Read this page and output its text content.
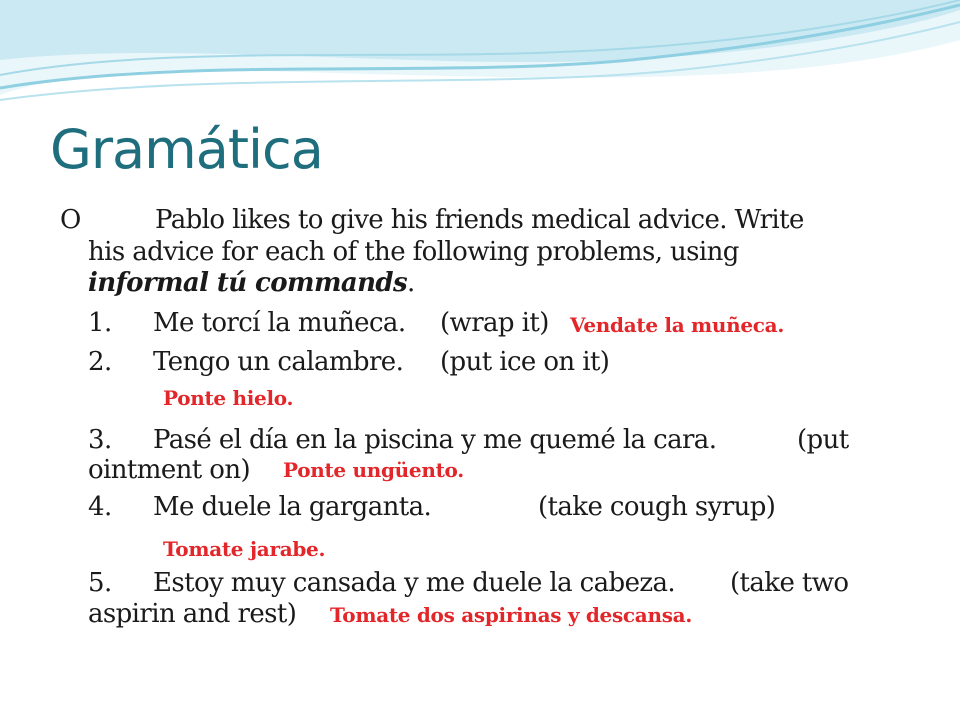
Gramática
O	Pablo likes to give his friends medical advice. Write
his advice for each of the following problems, using
informal tú commands.
1. Me torcí la muñeca. (wrap it) Vendate la muñeca.
2. Tengo un calambre. (put ice on it)
Ponte hielo.
3. Pasé el día en la piscina y me quemé la cara.	(put
ointment on) Ponte ungüento.
4. Me duele la garganta.	(take cough syrup)
Tomate jarabe.
5. Estoy muy cansada y me duele la cabeza. (take two
aspirin and rest) Tomate dos aspirinas y descansa.
